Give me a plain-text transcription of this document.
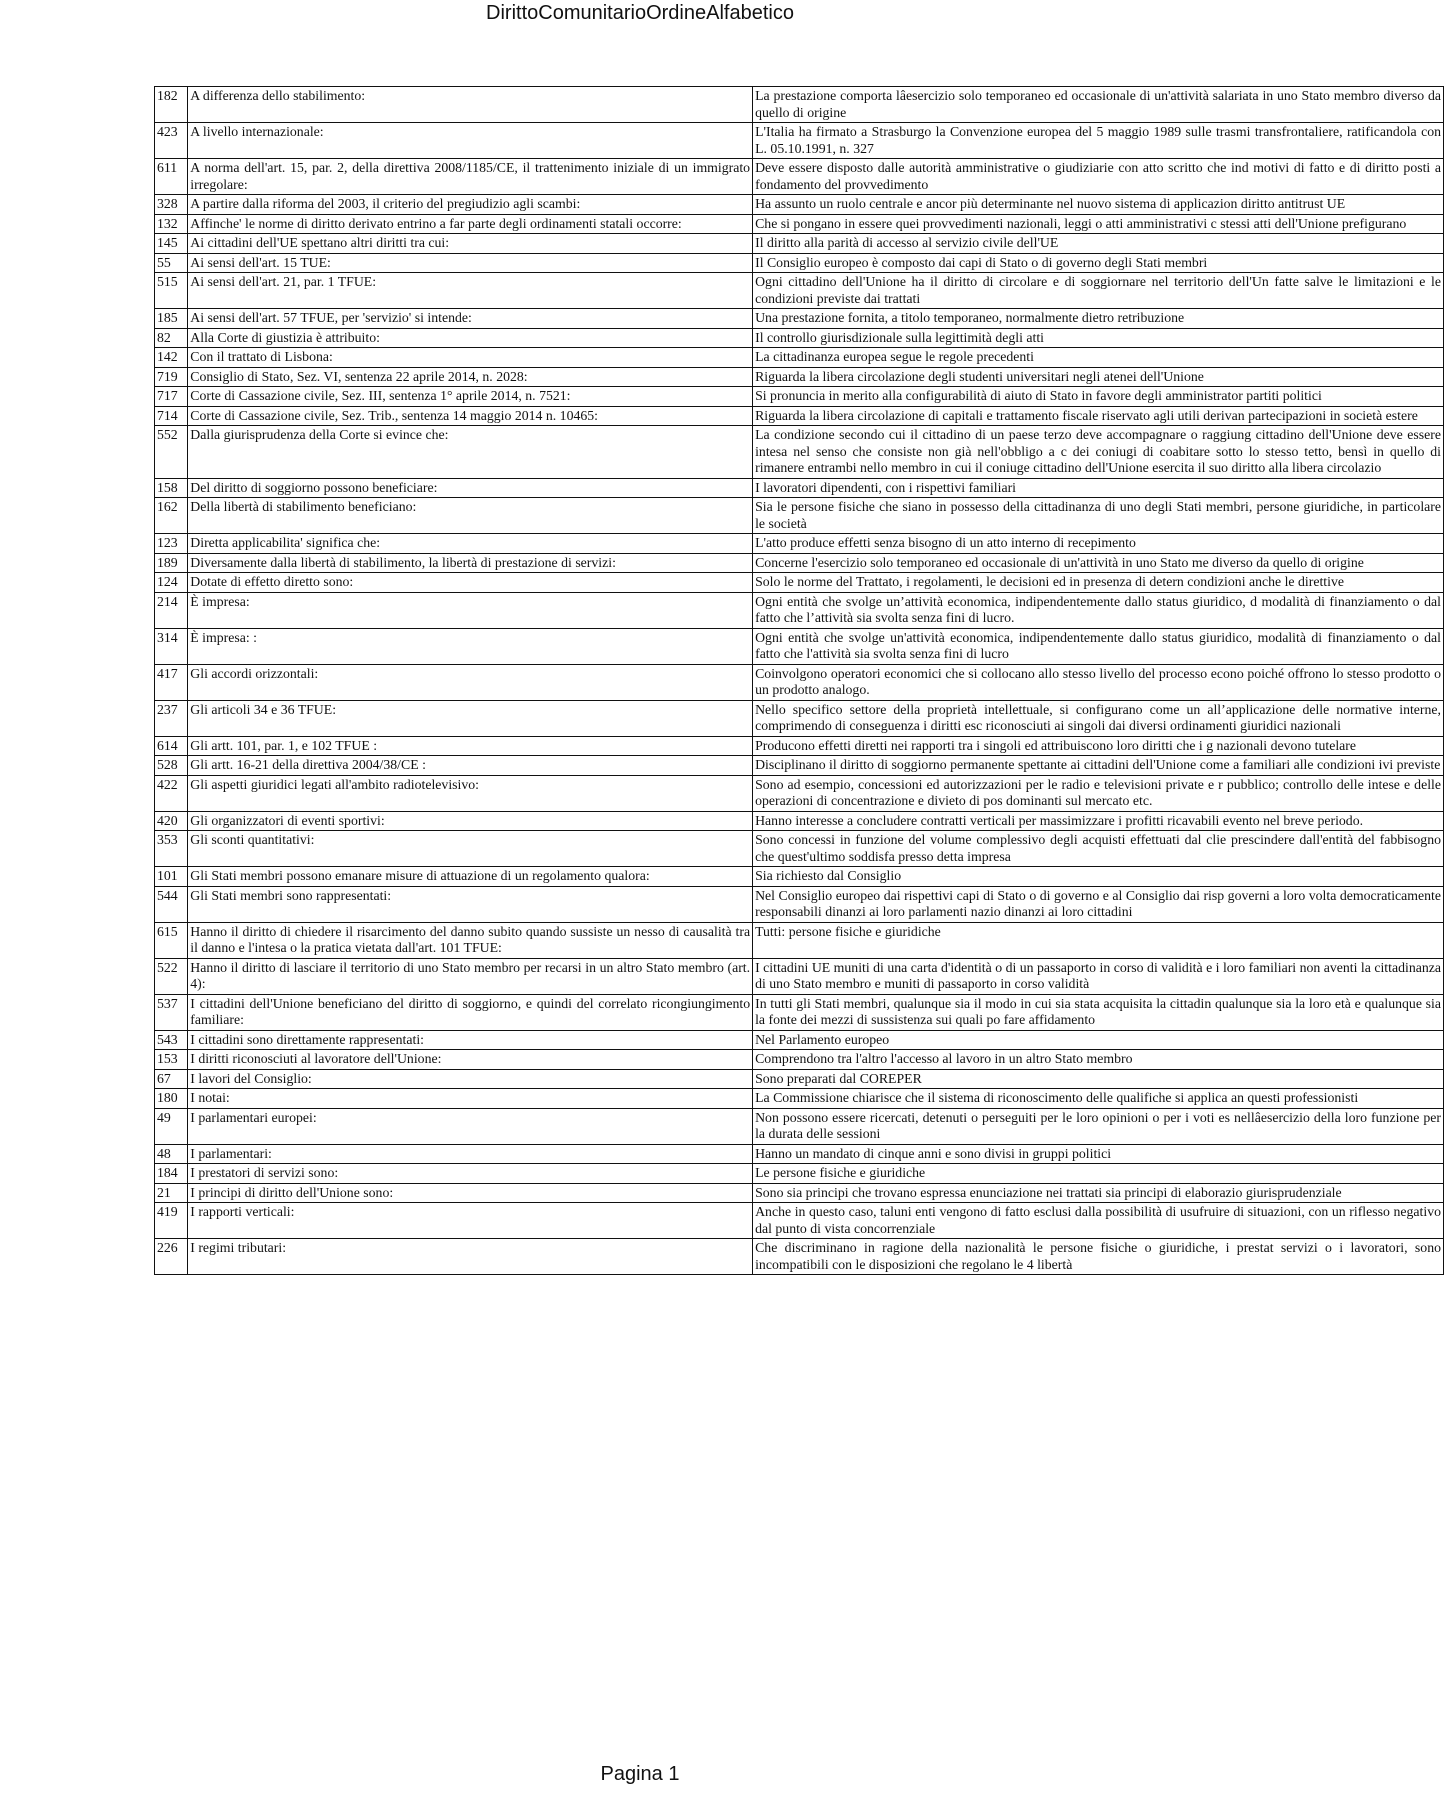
DirittoComunitarioOrdineAlfabetico
182	A differenza dello stabilimento:	La prestazione comporta lâesercizio solo temporaneo ed occasionale di un'attività salariata in uno Stato membro diverso da quello di origine
423	A livello internazionale:	L'Italia ha firmato a Strasburgo la Convenzione europea del 5 maggio 1989 sulle trasmi transfrontaliere, ratificandola con L. 05.10.1991, n. 327
611	A norma dell'art. 15, par. 2, della direttiva 2008/1185/CE, il trattenimento iniziale di un immigrato irregolare:	Deve essere disposto dalle autorità amministrative o giudiziarie con atto scritto che ind motivi di fatto e di diritto posti a fondamento del provvedimento
328	A partire dalla riforma del 2003, il criterio del pregiudizio agli scambi:	Ha assunto un ruolo centrale e ancor più determinante nel nuovo sistema di applicazion diritto antitrust UE
132	Affinche' le norme di diritto derivato entrino a far parte degli ordinamenti statali occorre:	Che si pongano in essere quei provvedimenti nazionali, leggi o atti amministrativi c stessi atti dell'Unione prefigurano
145	Ai cittadini dell'UE spettano altri diritti tra cui:	Il diritto alla parità di accesso al servizio civile dell'UE
55	Ai sensi dell'art. 15 TUE:	Il Consiglio europeo è composto dai capi di Stato o di governo degli Stati membri
515	Ai sensi dell'art. 21, par. 1 TFUE:	Ogni cittadino dell'Unione ha il diritto di circolare e di soggiornare nel territorio dell'Un fatte salve le limitazioni e le condizioni previste dai trattati
185	Ai sensi dell'art. 57 TFUE, per 'servizio' si intende:	Una prestazione fornita, a titolo temporaneo, normalmente dietro retribuzione
82	Alla Corte di giustizia è attribuito:	Il controllo giurisdizionale sulla legittimità degli atti
142	Con il trattato di Lisbona:	La cittadinanza europea segue le regole precedenti
719	Consiglio di Stato, Sez. VI, sentenza 22 aprile 2014, n. 2028:	Riguarda la libera circolazione degli studenti universitari negli atenei dell'Unione
717	Corte di Cassazione civile, Sez. III, sentenza 1° aprile 2014, n. 7521:	Si pronuncia in merito alla configurabilità di aiuto di Stato in favore degli amministrator partiti politici
714	Corte di Cassazione civile, Sez. Trib., sentenza 14 maggio 2014 n. 10465:	Riguarda la libera circolazione di capitali e trattamento fiscale riservato agli utili derivan partecipazioni in società estere
552	Dalla giurisprudenza della Corte si evince che:	La condizione secondo cui il cittadino di un paese terzo deve accompagnare o raggiung cittadino dell'Unione deve essere intesa nel senso che consiste non già nell'obbligo a c dei coniugi di coabitare sotto lo stesso tetto, bensì in quello di rimanere entrambi nello membro in cui il coniuge cittadino dell'Unione esercita il suo diritto alla libera circolazio
158	Del diritto di soggiorno possono beneficiare:	I lavoratori dipendenti, con i rispettivi familiari
162	Della libertà di stabilimento beneficiano:	Sia le persone fisiche che siano in possesso della cittadinanza di uno degli Stati membri, persone giuridiche, in particolare le società
123	Diretta applicabilita' significa che:	L'atto produce effetti senza bisogno di un atto interno di recepimento
189	Diversamente dalla libertà di stabilimento, la libertà di prestazione di servizi:	Concerne l'esercizio solo temporaneo ed occasionale di un'attività in uno Stato me diverso da quello di origine
124	Dotate di effetto diretto sono:	Solo le norme del Trattato, i regolamenti, le decisioni ed in presenza di detern condizioni anche le direttive
214	È impresa:	Ogni entità che svolge un’attività economica, indipendentemente dallo status giuridico, d modalità di finanziamento o dal fatto che l’attività sia svolta senza fini di lucro.
314	È impresa: :	Ogni entità che svolge un'attività economica, indipendentemente dallo status giuridico, modalità di finanziamento o dal fatto che l'attività sia svolta senza fini di lucro
417	Gli accordi orizzontali:	Coinvolgono operatori economici che si collocano allo stesso livello del processo econo poiché offrono lo stesso prodotto o un prodotto analogo.
237	Gli articoli 34 e 36 TFUE:	Nello specifico settore della proprietà intellettuale, si configurano come un all’applicazione delle normative interne, comprimendo di conseguenza i diritti esc riconosciuti ai singoli dai diversi ordinamenti giuridici nazionali
614	Gli artt. 101, par. 1, e 102 TFUE :	Producono effetti diretti nei rapporti tra i singoli ed attribuiscono loro diritti che i g nazionali devono tutelare
528	Gli artt. 16-21 della direttiva 2004/38/CE :	Disciplinano il diritto di soggiorno permanente spettante ai cittadini dell'Unione come a familiari alle condizioni ivi previste
422	Gli aspetti giuridici legati all'ambito radiotelevisivo:	Sono ad esempio, concessioni ed autorizzazioni per le radio e televisioni private e r pubblico; controllo delle intese e delle operazioni di concentrazione e divieto di pos dominanti sul mercato etc.
420	Gli organizzatori di eventi sportivi:	Hanno interesse a concludere contratti verticali per massimizzare i profitti ricavabili evento nel breve periodo.
353	Gli sconti quantitativi:	Sono concessi in funzione del volume complessivo degli acquisti effettuati dal clie prescindere dall'entità del fabbisogno che quest'ultimo soddisfa presso detta impresa
101	Gli Stati membri possono emanare misure di attuazione di un regolamento qualora:	Sia richiesto dal Consiglio
544	Gli Stati membri sono rappresentati:	Nel Consiglio europeo dai rispettivi capi di Stato o di governo e al Consiglio dai risp governi a loro volta democraticamente responsabili dinanzi ai loro parlamenti nazio dinanzi ai loro cittadini
615	Hanno il diritto di chiedere il risarcimento del danno subito quando sussiste un nesso di causalità tra il danno e l'intesa o la pratica vietata dall'art. 101 TFUE:	Tutti: persone fisiche e giuridiche
522	Hanno il diritto di lasciare il territorio di uno Stato membro per recarsi in un altro Stato membro (art. 4):	I cittadini UE muniti di una carta d'identità o di un passaporto in corso di validità e i loro familiari non aventi la cittadinanza di uno Stato membro e muniti di passaporto in corso validità
537	I cittadini dell'Unione beneficiano del diritto di soggiorno, e quindi del correlato ricongiungimento familiare:	In tutti gli Stati membri, qualunque sia il modo in cui sia stata acquisita la cittadin qualunque sia la loro età e qualunque sia la fonte dei mezzi di sussistenza sui quali po fare affidamento
543	I cittadini sono direttamente rappresentati:	Nel Parlamento europeo
153	I diritti riconosciuti al lavoratore dell'Unione:	Comprendono tra l'altro l'accesso al lavoro in un altro Stato membro
67	I lavori del Consiglio:	Sono preparati dal COREPER
180	I notai:	La Commissione chiarisce che il sistema di riconoscimento delle qualifiche si applica an questi professionisti
49	I parlamentari europei:	Non possono essere ricercati, detenuti o perseguiti per le loro opinioni o per i voti es nellâesercizio della loro funzione per la durata delle sessioni
48	I parlamentari:	Hanno un mandato di cinque anni e sono divisi in gruppi politici
184	I prestatori di servizi sono:	Le persone fisiche e giuridiche
21	I principi di diritto dell'Unione sono:	Sono sia principi che trovano espressa enunciazione nei trattati sia principi di elaborazio giurisprudenziale
419	I rapporti verticali:	Anche in questo caso, taluni enti vengono di fatto esclusi dalla possibilità di usufruire di situazioni, con un riflesso negativo dal punto di vista concorrenziale
226	I regimi tributari:	Che discriminano in ragione della nazionalità le persone fisiche o giuridiche, i prestat servizi o i lavoratori, sono incompatibili con le disposizioni che regolano le 4 libertà
Pagina 1
